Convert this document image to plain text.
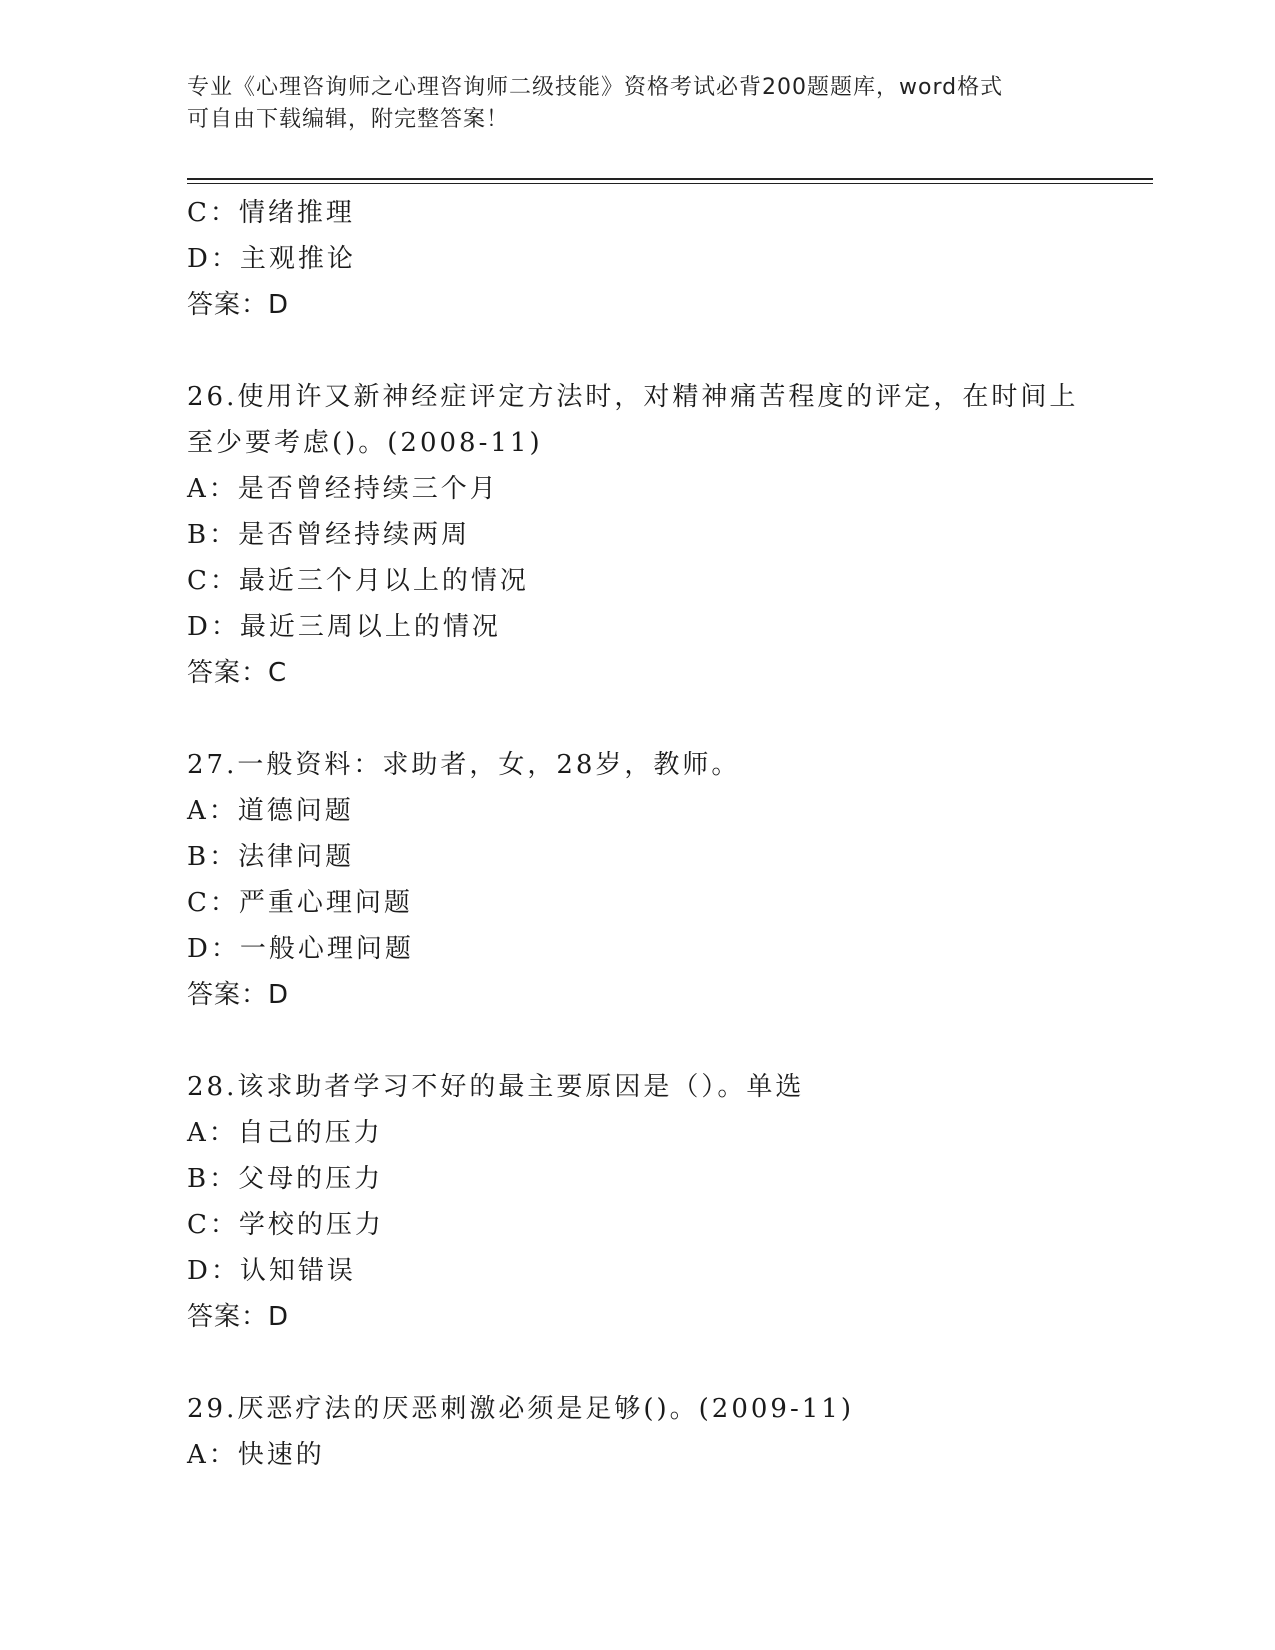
专业《心理咨询师之心理咨询师二级技能》资格考试必背200题题库，word格式
可自由下载编辑，附完整答案！
C：情绪推理
D：主观推论
答案：D
26.使用许又新神经症评定方法时，对精神痛苦程度的评定，在时间上
至少要考虑()。(2008-11)
A：是否曾经持续三个月
B：是否曾经持续两周
C：最近三个月以上的情况
D：最近三周以上的情况
答案：C
27.一般资料：求助者，女，28岁，教师。
A：道德问题
B：法律问题
C：严重心理问题
D：一般心理问题
答案：D
28.该求助者学习不好的最主要原因是（）。单选
A：自己的压力
B：父母的压力
C：学校的压力
D：认知错误
答案：D
29.厌恶疗法的厌恶刺激必须是足够()。(2009-11)
A：快速的
